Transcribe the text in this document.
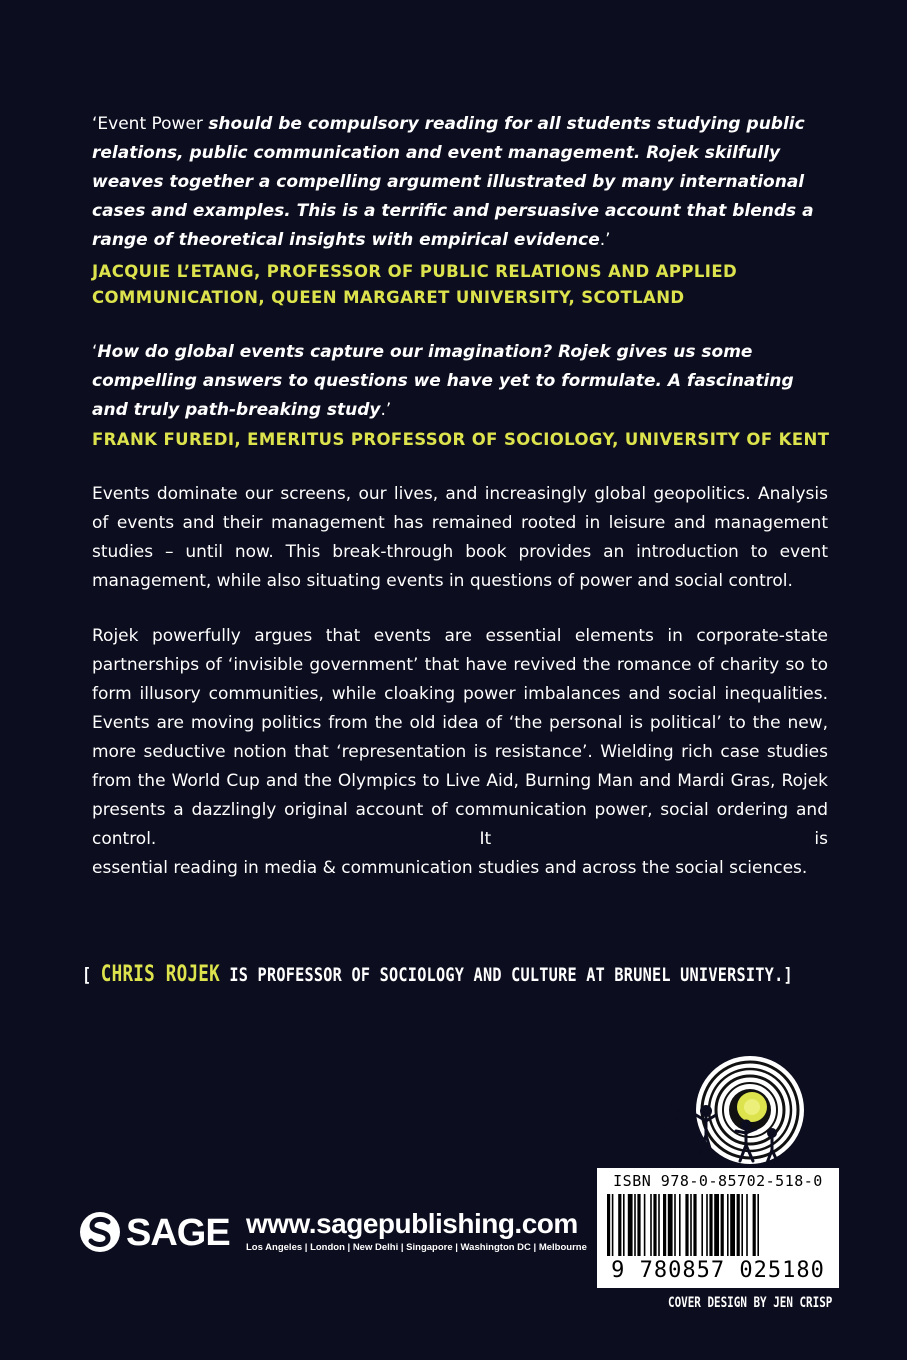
‘Event Power should be compulsory reading for all students studying public relations, public communication and event management. Rojek skilfully weaves together a compelling argument illustrated by many international cases and examples. This is a terrific and persuasive account that blends a range of theoretical insights with empirical evidence.’
JACQUIE L’ETANG, PROFESSOR OF PUBLIC RELATIONS AND APPLIED
COMMUNICATION, QUEEN MARGARET UNIVERSITY, SCOTLAND
‘How do global events capture our imagination? Rojek gives us some compelling answers to questions we have yet to formulate. A fascinating and truly path-breaking study.’
FRANK FUREDI, EMERITUS PROFESSOR OF SOCIOLOGY, UNIVERSITY OF KENT
Events dominate our screens, our lives, and increasingly global geopolitics. Analysis of events and their management has remained rooted in leisure and management studies – until now. This break-through book provides an introduction to event
management, while also situating events in questions of power and social control.
Rojek powerfully argues that events are essential elements in corporate-state partnerships of ‘invisible government’ that have revived the romance of charity so to form illusory communities, while cloaking power imbalances and social inequalities. Events are moving politics from the old idea of ‘the personal is political’ to the new, more seductive notion that ‘representation is resistance’. Wielding rich case studies from the World Cup and the Olympics to Live Aid, Burning Man and Mardi Gras, Rojek presents a dazzlingly original account of communication power, social ordering and control. It is
essential reading in media & communication studies and across the social sciences.
[ CHRIS ROJEK IS PROFESSOR OF SOCIOLOGY AND CULTURE AT BRUNEL UNIVERSITY.]
SAGE www.sagepublishing.com
Los Angeles | London | New Delhi | Singapore | Washington DC | Melbourne
ISBN 978-0-85702-518-0
9 780857 025180
COVER DESIGN BY JEN CRISP
